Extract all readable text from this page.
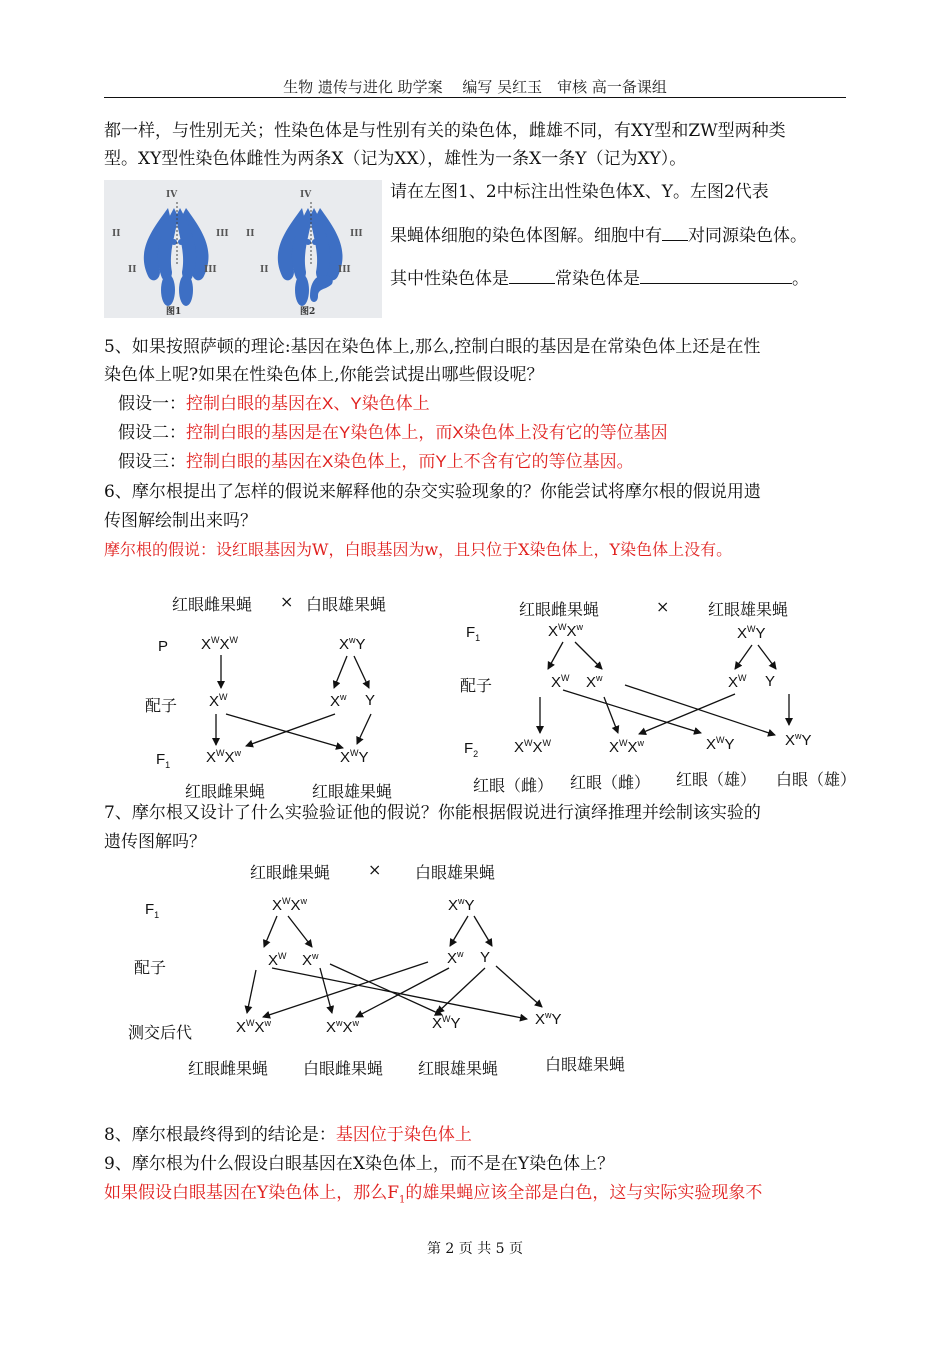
生物 遗传与进化 助学案　 编写 吴红玉　审核 高一备课组
都一样，与性别无关；性染色体是与性别有关的染色体，雌雄不同，有XY型和ZW型两种类
型。XY型性染色体雌性为两条X（记为XX），雄性为一条X一条Y（记为XY）。
IV
II	III
II	III
图1
IV
II	III
II	III
图2
请在左图1、2中标注出性染色体X、Y。左图2代表
果蝇体细胞的染色体图解。细胞中有 对同源染色体。
其中性染色体是	常染色体是	。
5、如果按照萨顿的理论:基因在染色体上,那么,控制白眼的基因是在常染色体上还是在性
染色体上呢?如果在性染色体上,你能尝试提出哪些假设呢？
假设一：控制白眼的基因在X、Y染色体上
假设二：控制白眼的基因是在Y染色体上，而X染色体上没有它的等位基因
假设三：控制白眼的基因在X染色体上，而Y上不含有它的等位基因。
6、摩尔根提出了怎样的假说来解释他的杂交实验现象的？你能尝试将摩尔根的假说用遗
传图解绘制出来吗？
摩尔根的假说：设红眼基因为W，白眼基因为w，且只位于X染色体上，Y染色体上没有。
红眼雌果蝇 × 白眼雄果蝇
P
配子
$F_1$
$X^WX^W$	$X^wY$
$X^W$	$X^w$ Y
$X^WX^w$	$X^WY$
红眼雌果蝇	红眼雄果蝇
红眼雌果蝇	× 红眼雄果蝇
$F_1$
配子
$F_2$
$X^WX^w$	$X^WY$
$X^W$ $X^w$	$X^W$ Y
$X^WX^W$	$X^WX^w$	$X^WY$	$X^wY$
红眼（雌） 红眼（雌） 红眼（雄） 白眼（雄）
7、摩尔根又设计了什么实验验证他的假说？你能根据假说进行演绎推理并绘制该实验的
遗传图解吗？
红眼雌果蝇 × 白眼雄果蝇
$F_1$
配子
测交后代
$X^WX^w$	$X^wY$
$X^W$ $X^w$	$X^w$ Y
$X^WX^w$	$X^wX^w$	$X^WY$	$X^wY$
红眼雌果蝇 白眼雌果蝇 红眼雄果蝇	白眼雄果蝇
8、摩尔根最终得到的结论是：基因位于染色体上
9、摩尔根为什么假设白眼基因在X染色体上，而不是在Y染色体上？
如果假设白眼基因在Y染色体上，那么$F_1$的雄果蝇应该全部是白色，这与实际实验现象不
第 2 页 共 5 页
